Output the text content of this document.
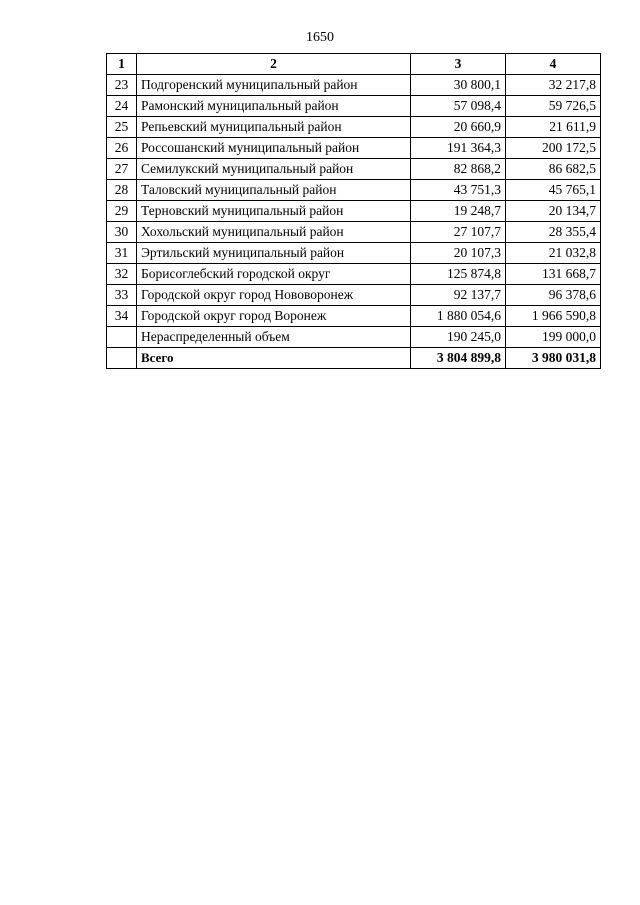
1650
1	2	3	4
23	Подгоренский муниципальный район	30 800,1	32 217,8
24	Рамонский муниципальный район	57 098,4	59 726,5
25	Репьевский муниципальный район	20 660,9	21 611,9
26	Россошанский муниципальный район	191 364,3	200 172,5
27	Семилукский муниципальный район	82 868,2	86 682,5
28	Таловский муниципальный район	43 751,3	45 765,1
29	Терновский муниципальный район	19 248,7	20 134,7
30	Хохольский муниципальный район	27 107,7	28 355,4
31	Эртильский муниципальный район	20 107,3	21 032,8
32	Борисоглебский городской округ	125 874,8	131 668,7
33	Городской округ город Нововоронеж	92 137,7	96 378,6
34	Городской округ город Воронеж	1 880 054,6	1 966 590,8
	Нераспределенный объем	190 245,0	199 000,0
	Всего	3 804 899,8	3 980 031,8
